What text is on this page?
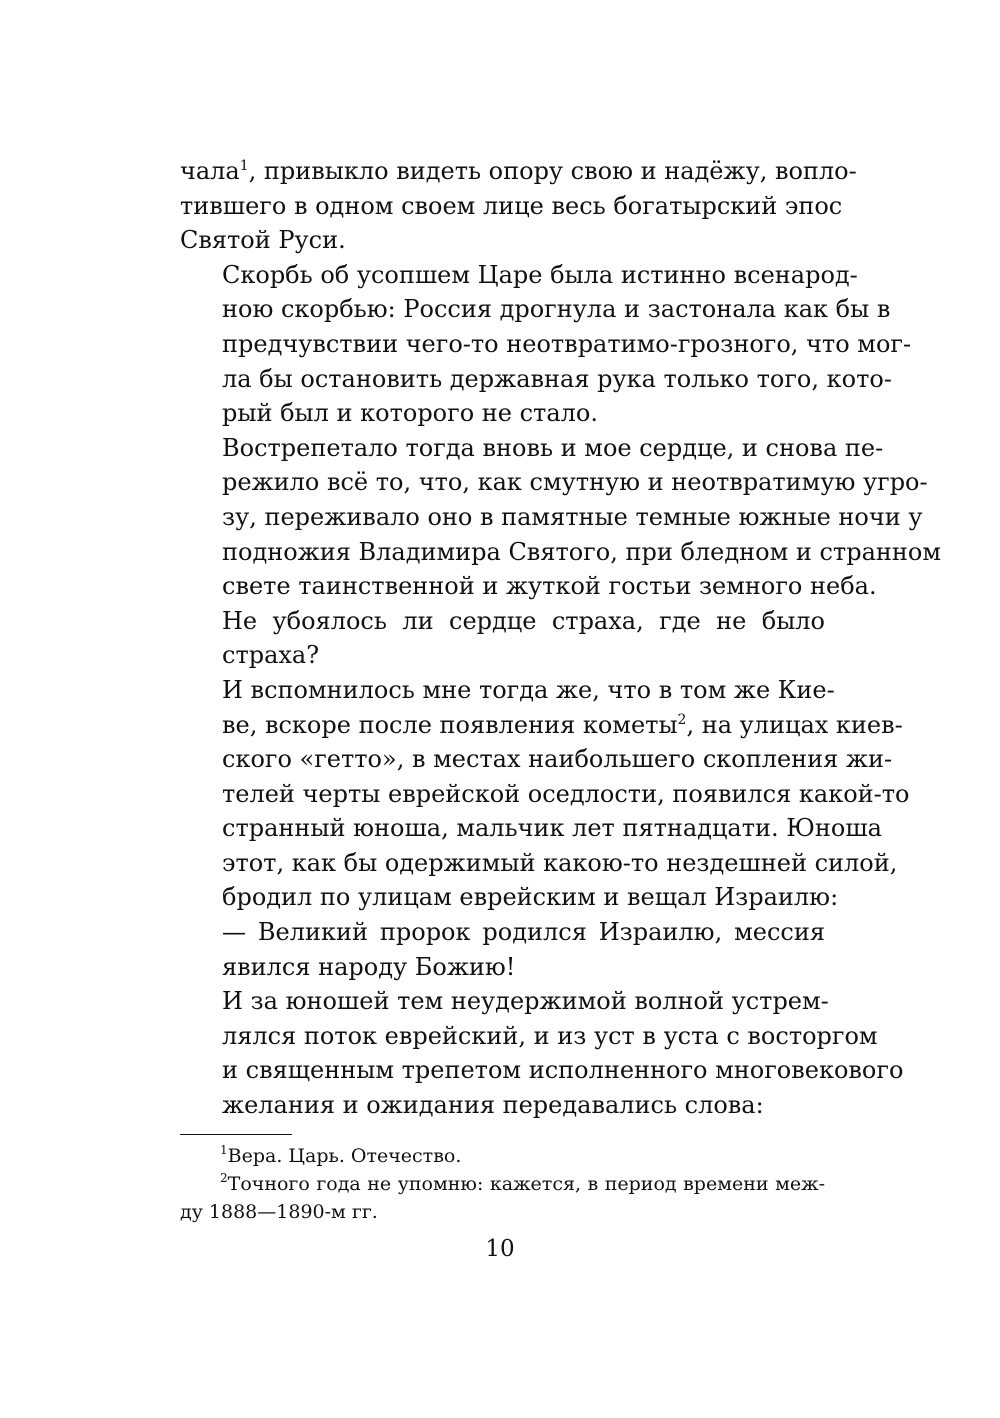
чала$^1$, привыкло видеть опору свою и надёжу, вопло-
тившего в одном своем лице весь богатырский эпос
Святой Руси.

Скорбь об усопшем Царе была истинно всенарод-
ною скорбью: Россия дрогнула и застонала как бы в
предчувствии чего-то неотвратимо-грозного, что мог-
ла бы остановить державная рука только того, кото-
рый был и которого не стало.

Вострепетало тогда вновь и мое сердце, и снова пе-
режило всё то, что, как смутную и неотвратимую угро-
зу, переживало оно в памятные темные южные ночи у
подножия Владимира Святого, при бледном и странном
свете таинственной и жуткой гостьи земного неба.

Не убоялось ли сердце страха, где не было
страха?

И вспомнилось мне тогда же, что в том же Кие-
ве, вскоре после появления кометы$^2$, на улицах киев-
ского «гетто», в местах наибольшего скопления жи-
телей черты еврейской оседлости, появился какой-то
странный юноша, мальчик лет пятнадцати. Юноша
этот, как бы одержимый какою-то нездешней силой,
бродил по улицам еврейским и вещал Израилю:

— Великий пророк родился Израилю, мессия
явился народу Божию!

И за юношей тем неудержимой волной устрем-
лялся поток еврейский, и из уст в уста с восторгом
и священным трепетом исполненного многовекового
желания и ожидания передавались слова:

$^1$Вера. Царь. Отечество.

$^2$Точного года не упомню: кажется, в период времени меж-
ду 1888—1890-м гг.

10
